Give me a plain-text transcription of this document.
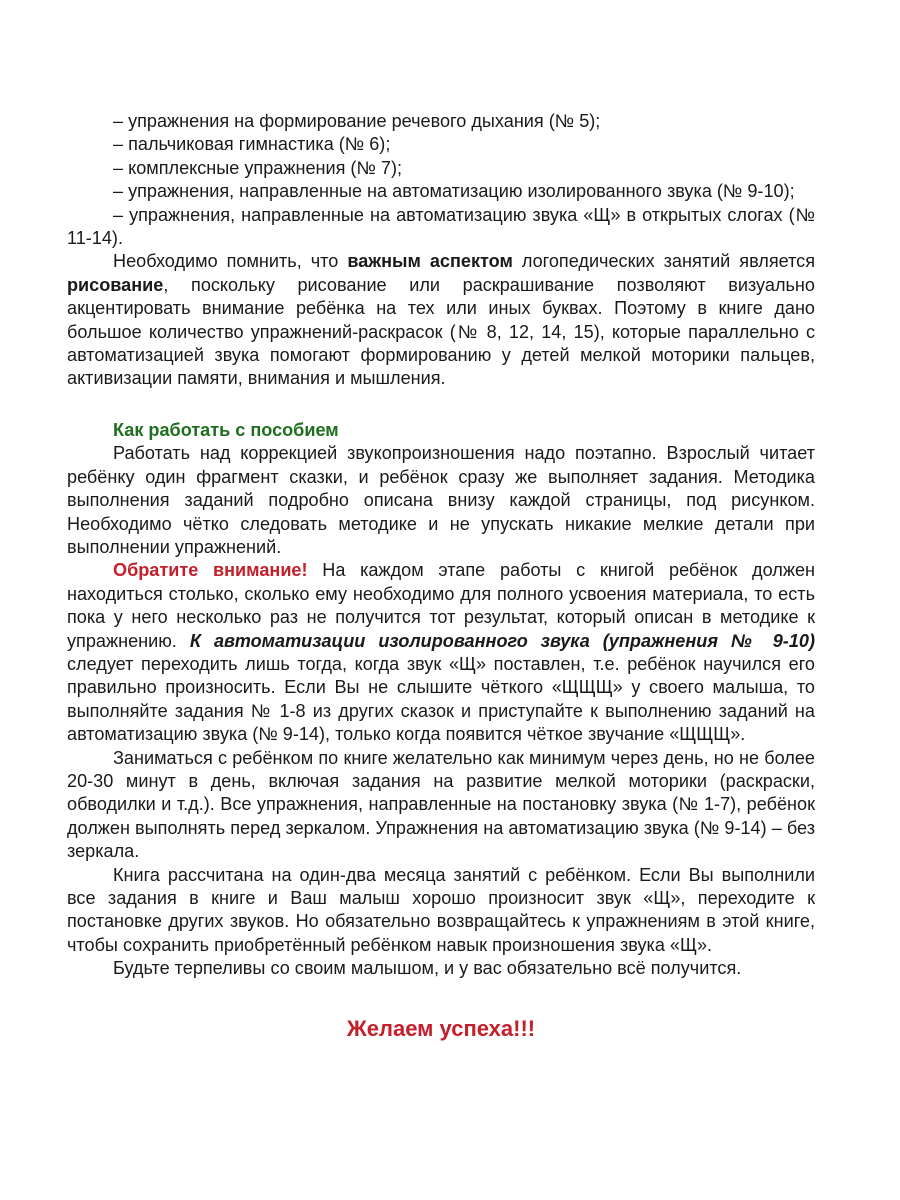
– упражнения на формирование речевого дыхания (№ 5);

– пальчиковая гимнастика (№ 6);

– комплексные упражнения (№ 7);

– упражнения, направленные на автоматизацию изолированного звука (№ 9-10);

– упражнения, направленные на автоматизацию звука «Щ» в открытых слогах (№ 11-14).

Необходимо помнить, что важным аспектом логопедических занятий является рисование, поскольку рисование или раскрашивание позволяют визуально акцентировать внимание ребёнка на тех или иных буквах. Поэтому в книге дано большое количество упражнений-раскрасок (№ 8, 12, 14, 15), которые параллельно с автоматизацией звука помогают формированию у детей мелкой моторики пальцев, активизации памяти, внимания и мышления.

Как работать с пособием

Работать над коррекцией звукопроизношения надо поэтапно. Взрослый читает ребёнку один фрагмент сказки, и ребёнок сразу же выполняет задания. Методика выполнения заданий подробно описана внизу каждой страницы, под рисунком. Необходимо чётко следовать методике и не упускать никакие мелкие детали при выполнении упражнений.

Обратите внимание! На каждом этапе работы с книгой ребёнок должен находиться столько, сколько ему необходимо для полного усвоения материала, то есть пока у него несколько раз не получится тот результат, который описан в методике к упражнению. К автоматизации изолированного звука (упражнения № 9-10) следует переходить лишь тогда, когда звук «Щ» поставлен, т.е. ребёнок научился его правильно произносить. Если Вы не слышите чёткого «ЩЩЩ» у своего малыша, то выполняйте задания № 1-8 из других сказок и приступайте к выполнению заданий на автоматизацию звука (№ 9-14), только когда появится чёткое звучание «ЩЩЩ».

Заниматься с ребёнком по книге желательно как минимум через день, но не более 20-30 минут в день, включая задания на развитие мелкой моторики (раскраски, обводилки и т.д.). Все упражнения, направленные на постановку звука (№ 1-7), ребёнок должен выполнять перед зеркалом. Упражнения на автоматизацию звука (№ 9-14) – без зеркала.

Книга рассчитана на один-два месяца занятий с ребёнком. Если Вы выполнили все задания в книге и Ваш малыш хорошо произносит звук «Щ», переходите к постановке других звуков. Но обязательно возвращайтесь к упражнениям в этой книге, чтобы сохранить приобретённый ребёнком навык произношения звука «Щ».

Будьте терпеливы со своим малышом, и у вас обязательно всё получится.

Желаем успеха!!!
